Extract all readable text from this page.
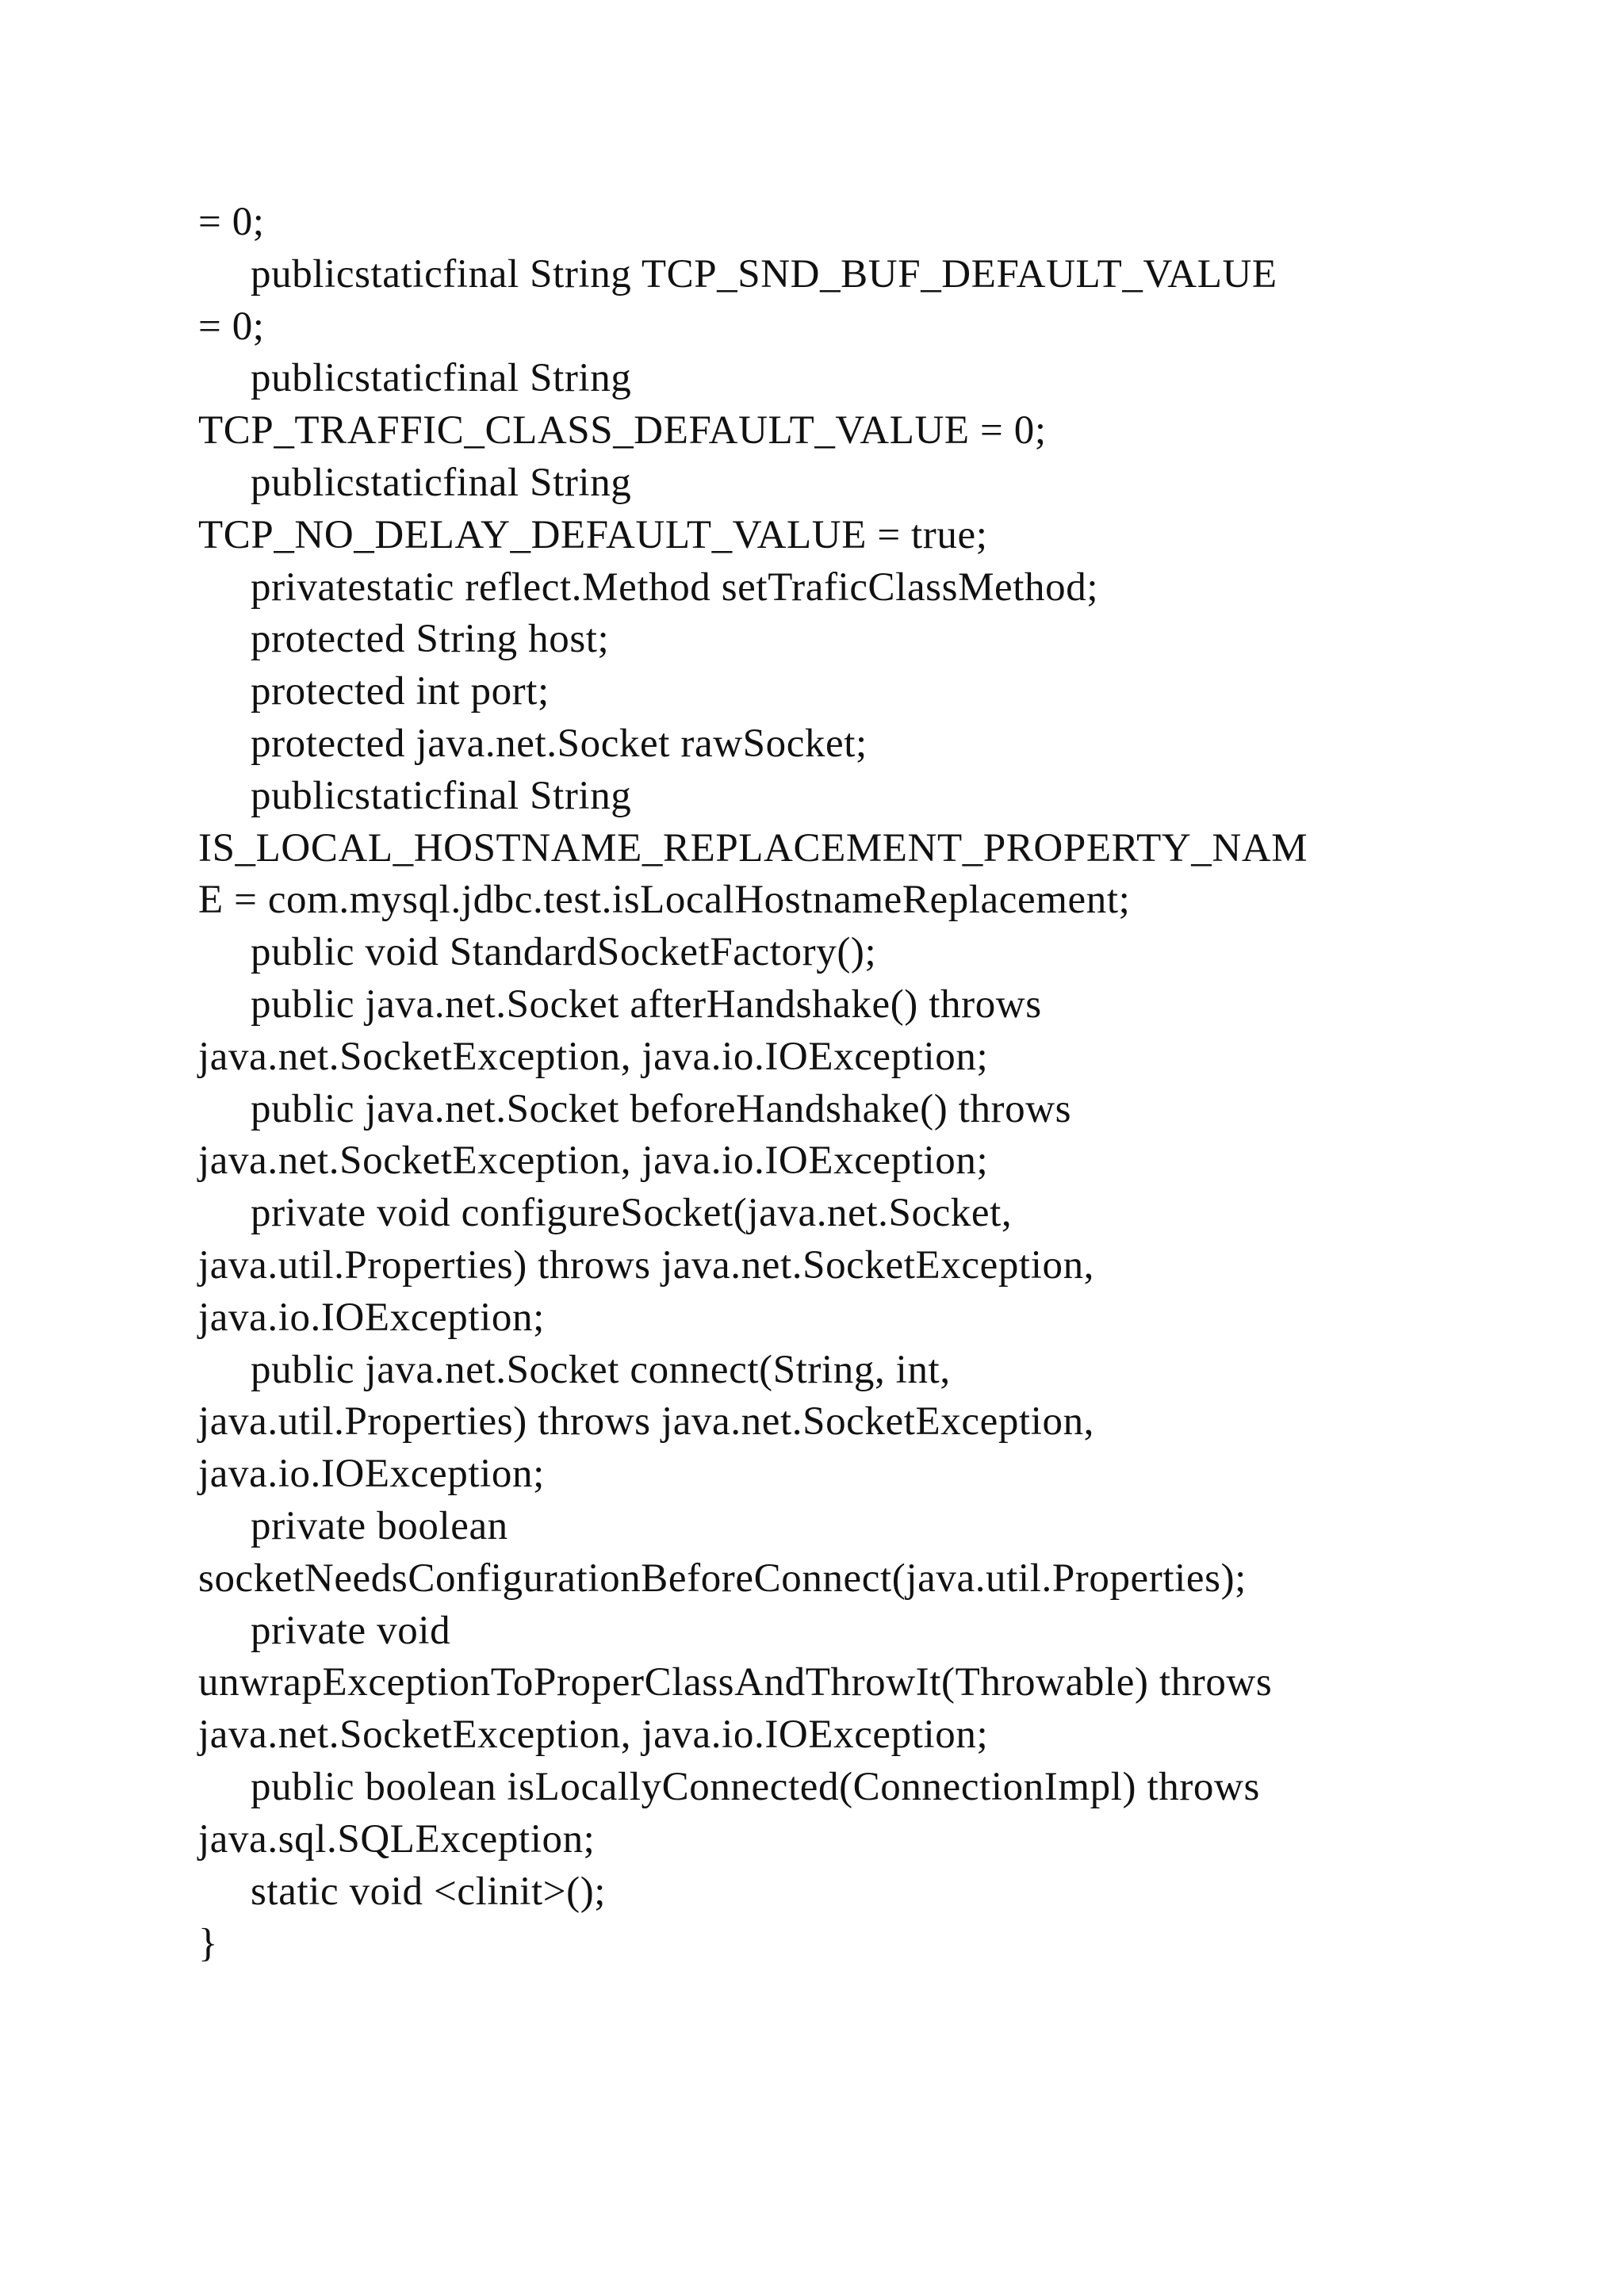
= 0;
publicstaticfinal String TCP_SND_BUF_DEFAULT_VALUE
= 0;
publicstaticfinal String
TCP_TRAFFIC_CLASS_DEFAULT_VALUE = 0;
publicstaticfinal String
TCP_NO_DELAY_DEFAULT_VALUE = true;
privatestatic reflect.Method setTraficClassMethod;
protected String host;
protected int port;
protected java.net.Socket rawSocket;
publicstaticfinal String
IS_LOCAL_HOSTNAME_REPLACEMENT_PROPERTY_NAM
E = com.mysql.jdbc.test.isLocalHostnameReplacement;
public void StandardSocketFactory();
public java.net.Socket afterHandshake() throws
java.net.SocketException, java.io.IOException;
public java.net.Socket beforeHandshake() throws
java.net.SocketException, java.io.IOException;
private void configureSocket(java.net.Socket,
java.util.Properties) throws java.net.SocketException,
java.io.IOException;
public java.net.Socket connect(String, int,
java.util.Properties) throws java.net.SocketException,
java.io.IOException;
private boolean
socketNeedsConfigurationBeforeConnect(java.util.Properties);
private void
unwrapExceptionToProperClassAndThrowIt(Throwable) throws
java.net.SocketException, java.io.IOException;
public boolean isLocallyConnected(ConnectionImpl) throws
java.sql.SQLException;
static void <clinit>();
}
